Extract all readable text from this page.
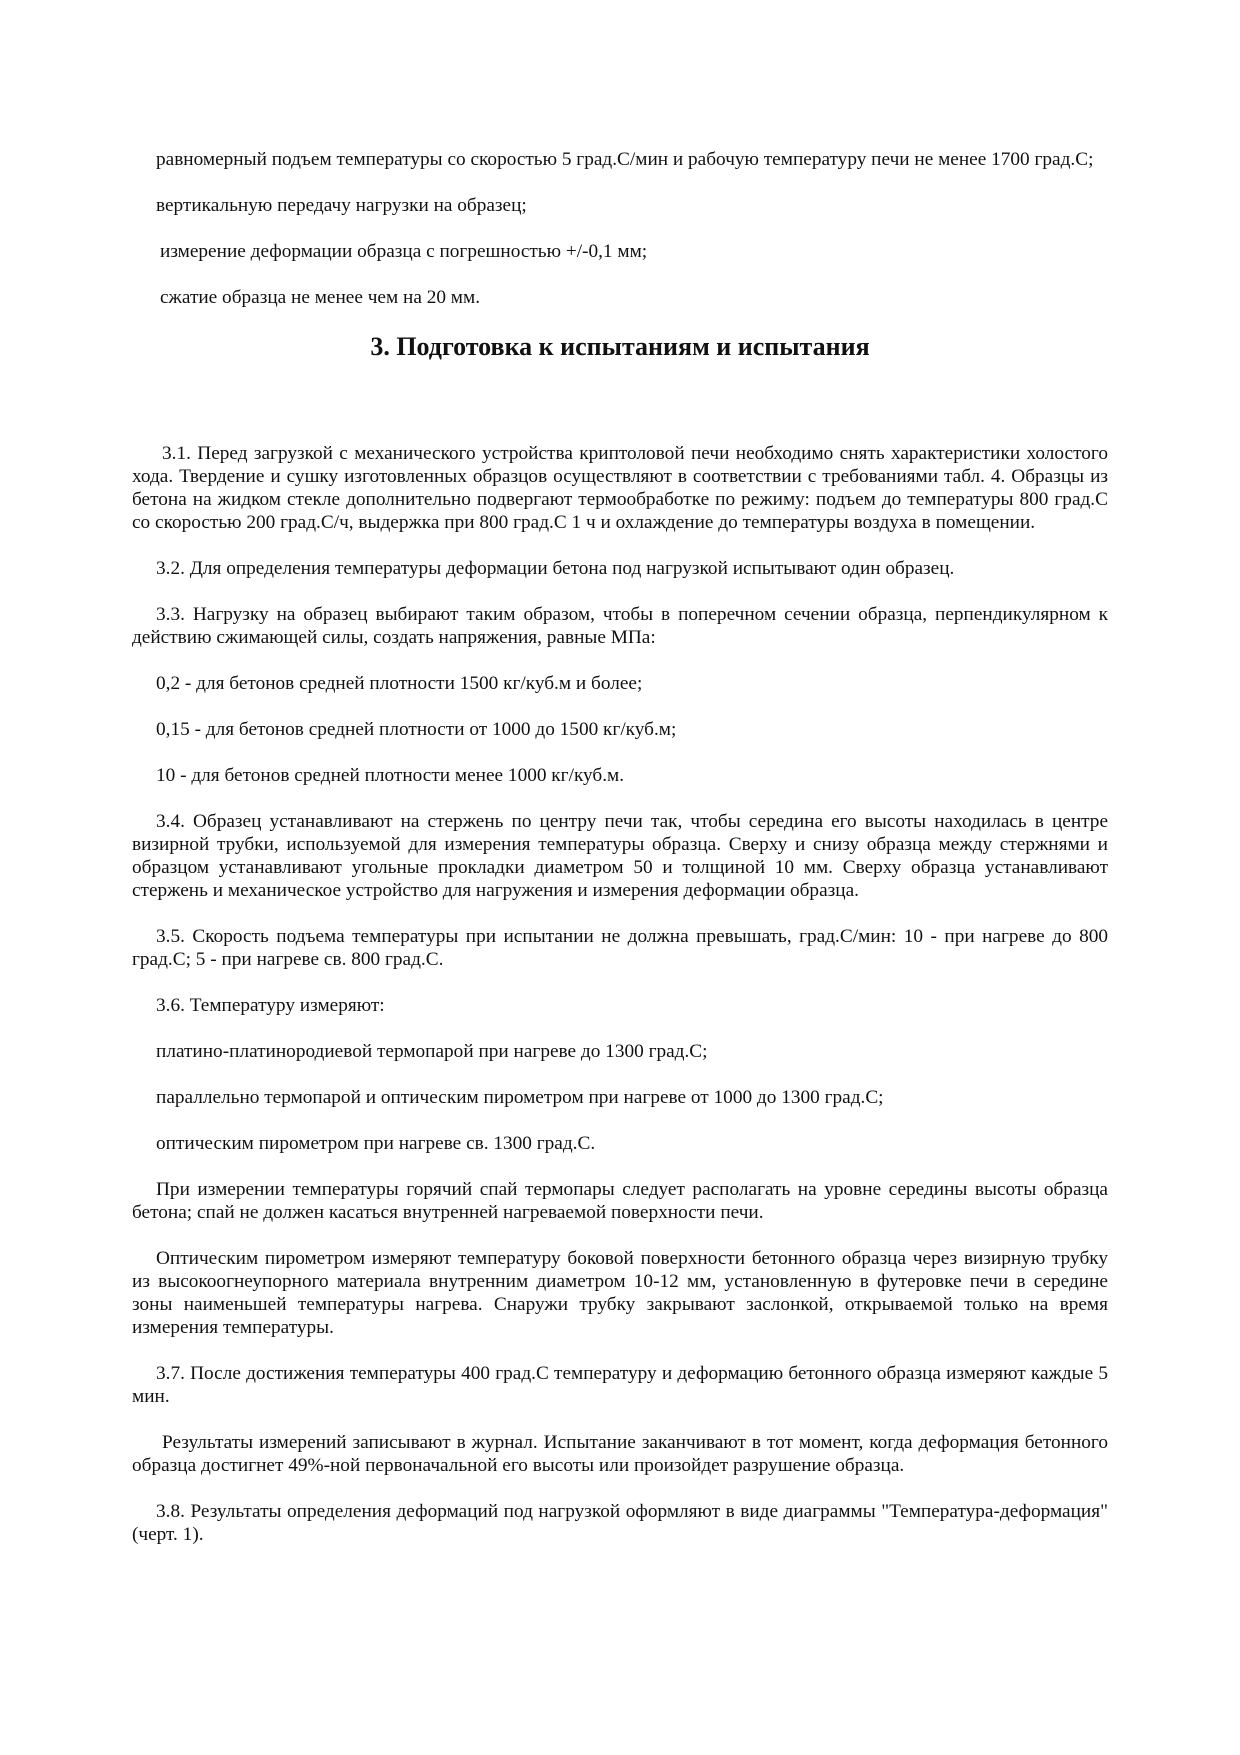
равномерный подъем температуры со скоростью 5 град.С/мин и рабочую температуру печи не менее 1700 град.С;

вертикальную передачу нагрузки на образец;

измерение деформации образца с погрешностью +/-0,1 мм;

сжатие образца не менее чем на 20 мм.

3. Подготовка к испытаниям и испытания

3.1. Перед загрузкой с механического устройства криптоловой печи необходимо снять характеристики холостого хода. Твердение и сушку изготовленных образцов осуществляют в соответствии с требованиями табл. 4. Образцы из бетона на жидком стекле дополнительно подвергают термообработке по режиму: подъем до температуры 800 град.С со скоростью 200 град.С/ч, выдержка при 800 град.С 1 ч и охлаждение до температуры воздуха в помещении.

3.2. Для определения температуры деформации бетона под нагрузкой испытывают один образец.

3.3. Нагрузку на образец выбирают таким образом, чтобы в поперечном сечении образца, перпендикулярном к действию сжимающей силы, создать напряжения, равные МПа:

0,2 - для бетонов средней плотности 1500 кг/куб.м и более;

0,15 - для бетонов средней плотности от 1000 до 1500 кг/куб.м;

10 - для бетонов средней плотности менее 1000 кг/куб.м.

3.4. Образец устанавливают на стержень по центру печи так, чтобы середина его высоты находилась в центре визирной трубки, используемой для измерения температуры образца. Сверху и снизу образца между стержнями и образцом устанавливают угольные прокладки диаметром 50 и толщиной 10 мм. Сверху образца устанавливают стержень и механическое устройство для нагружения и измерения деформации образца.

3.5. Скорость подъема температуры при испытании не должна превышать, град.С/мин: 10 - при нагреве до 800 град.С; 5 - при нагреве св. 800 град.С.

3.6. Температуру измеряют:

платино-платинородиевой термопарой при нагреве до 1300 град.С;

параллельно термопарой и оптическим пирометром при нагреве от 1000 до 1300 град.С;

оптическим пирометром при нагреве св. 1300 град.С.

При измерении температуры горячий спай термопары следует располагать на уровне середины высоты образца бетона; спай не должен касаться внутренней нагреваемой поверхности печи.

Оптическим пирометром измеряют температуру боковой поверхности бетонного образца через визирную трубку из высокоогнеупорного материала внутренним диаметром 10-12 мм, установленную в футеровке печи в середине зоны наименьшей температуры нагрева. Снаружи трубку закрывают заслонкой, открываемой только на время измерения температуры.

3.7. После достижения температуры 400 град.С температуру и деформацию бетонного образца измеряют каждые 5 мин.

Результаты измерений записывают в журнал. Испытание заканчивают в тот момент, когда деформация бетонного образца достигнет 49%-ной первоначальной его высоты или произойдет разрушение образца.

3.8. Результаты определения деформаций под нагрузкой оформляют в виде диаграммы "Температура-деформация" (черт. 1).
